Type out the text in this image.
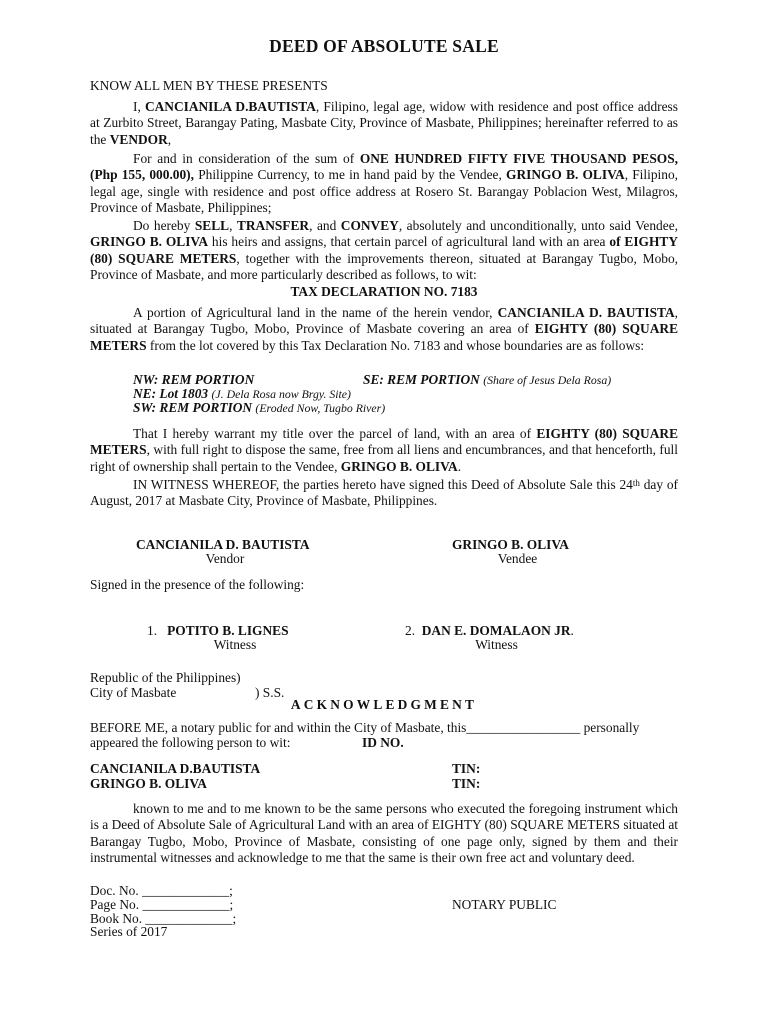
DEED OF ABSOLUTE SALE
KNOW ALL MEN BY THESE PRESENTS
I, CANCIANILA D.BAUTISTA, Filipino, legal age, widow with residence and post office address at Zurbito Street, Barangay Pating, Masbate City, Province of Masbate, Philippines; hereinafter referred to as the VENDOR,
For and in consideration of the sum of ONE HUNDRED FIFTY FIVE THOUSAND PESOS, (Php 155, 000.00), Philippine Currency, to me in hand paid by the Vendee, GRINGO B. OLIVA, Filipino, legal age, single with residence and post office address at Rosero St. Barangay Poblacion West, Milagros, Province of Masbate, Philippines;
Do hereby SELL, TRANSFER, and CONVEY, absolutely and unconditionally, unto said Vendee, GRINGO B. OLIVA his heirs and assigns, that certain parcel of agricultural land with an area of EIGHTY (80) SQUARE METERS, together with the improvements thereon, situated at Barangay Tugbo, Mobo, Province of Masbate, and more particularly described as follows, to wit:
TAX DECLARATION NO. 7183
A portion of Agricultural land in the name of the herein vendor, CANCIANILA D. BAUTISTA, situated at Barangay Tugbo, Mobo, Province of Masbate covering an area of EIGHTY (80) SQUARE METERS from the lot covered by this Tax Declaration No. 7183 and whose boundaries are as follows:
NW: REM PORTION	SE: REM PORTION (Share of Jesus Dela Rosa)
NE: Lot 1803 (J. Dela Rosa now Brgy. Site)
SW: REM PORTION (Eroded Now, Tugbo River)
That I hereby warrant my title over the parcel of land, with an area of EIGHTY (80) SQUARE METERS, with full right to dispose the same, free from all liens and encumbrances, and that henceforth, full right of ownership shall pertain to the Vendee, GRINGO B. OLIVA.
IN WITNESS WHEREOF, the parties hereto have signed this Deed of Absolute Sale this 24th day of August, 2017 at Masbate City, Province of Masbate, Philippines.
CANCIANILA D. BAUTISTA
Vendor
GRINGO B. OLIVA
Vendee
Signed in the presence of the following:
1. POTITO B. LIGNES
Witness
2. DAN E. DOMALAON JR.
Witness
Republic of the Philippines)
City of Masbate	) S.S.
ACKNOWLEDGMENT
BEFORE ME, a notary public for and within the City of Masbate, this_________________ personally
appeared the following person to wit:	ID NO.
CANCIANILA D.BAUTISTA	TIN:
GRINGO B. OLIVA	TIN:
known to me and to me known to be the same persons who executed the foregoing instrument which is a Deed of Absolute Sale of Agricultural Land with an area of EIGHTY (80) SQUARE METERS situated at Barangay Tugbo, Mobo, Province of Masbate, consisting of one page only, signed by them and their instrumental witnesses and acknowledge to me that the same is their own free act and voluntary deed.
Doc. No. _____________;
Page No. _____________;	NOTARY PUBLIC
Book No. _____________;
Series of 2017
